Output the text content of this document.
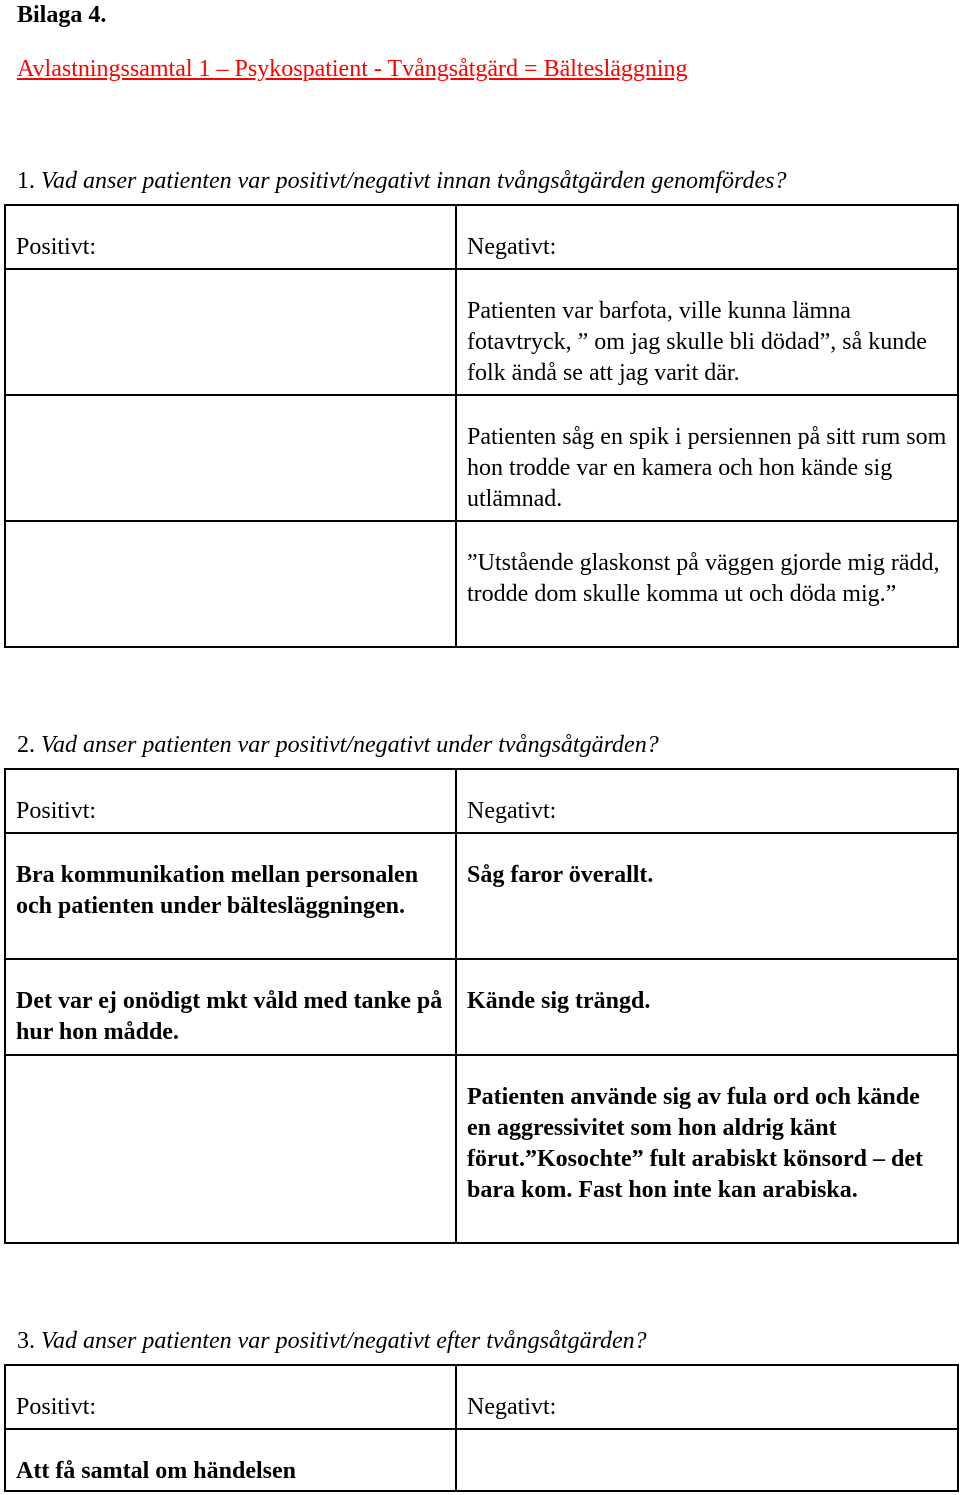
Bilaga 4.

Avlastningssamtal 1 – Psykospatient - Tvångsåtgärd = Bältesläggning

1. Vad anser patienten var positivt/negativt innan tvångsåtgärden genomfördes?

Positivt:	Negativt:

	Patienten var barfota, ville kunna lämna fotavtryck, ” om jag skulle bli dödad”, så kunde folk ändå se att jag varit där.

	Patienten såg en spik i persiennen på sitt rum som hon trodde var en kamera och hon kände sig utlämnad.

	”Utstående glaskonst på väggen gjorde mig rädd, trodde dom skulle komma ut och döda mig.”

2. Vad anser patienten var positivt/negativt under tvångsåtgärden?

Positivt:	Negativt:

Bra kommunikation mellan personalen och patienten under bältesläggningen.	Såg faror överallt.

Det var ej onödigt mkt våld med tanke på hur hon mådde.	Kände sig trängd.

	Patienten använde sig av fula ord och kände en aggressivitet som hon aldrig känt förut.”Kosochte” fult arabiskt könsord – det bara kom. Fast hon inte kan arabiska.

3. Vad anser patienten var positivt/negativt efter tvångsåtgärden?

Positivt:	Negativt:

Att få samtal om händelsen	
